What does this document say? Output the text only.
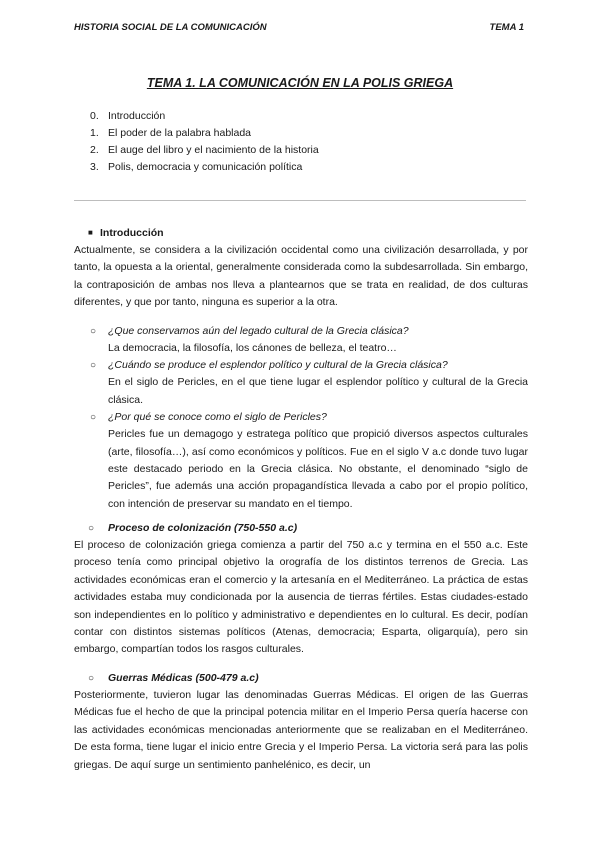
HISTORIA SOCIAL DE LA COMUNICACIÓN	TEMA 1
TEMA 1. LA COMUNICACIÓN EN LA POLIS GRIEGA
0. Introducción
1. El poder de la palabra hablada
2. El auge del libro y el nacimiento de la historia
3. Polis, democracia y comunicación política
■ Introducción

Actualmente, se considera a la civilización occidental como una civilización desarrollada, y por tanto, la opuesta a la oriental, generalmente considerada como la subdesarrollada. Sin embargo, la contraposición de ambas nos lleva a plantearnos que se trata en realidad, de dos culturas diferentes, y que por tanto, ninguna es superior a la otra.

○ ¿Que conservamos aún del legado cultural de la Grecia clásica?
La democracia, la filosofía, los cánones de belleza, el teatro…
○ ¿Cuándo se produce el esplendor político y cultural de la Grecia clásica?
En el siglo de Pericles, en el que tiene lugar el esplendor político y cultural de la Grecia clásica.
○ ¿Por qué se conoce como el siglo de Pericles?
Pericles fue un demagogo y estratega político que propició diversos aspectos culturales (arte, filosofía…), así como económicos y políticos. Fue en el siglo V a.c donde tuvo lugar este destacado periodo en la Grecia clásica. No obstante, el denominado “siglo de Pericles”, fue además una acción propagandística llevada a cabo por el propio político, con intención de preservar su mandato en el tiempo.
○ Proceso de colonización (750-550 a.c)

El proceso de colonización griega comienza a partir del 750 a.c y termina en el 550 a.c. Este proceso tenía como principal objetivo la orografía de los distintos terrenos de Grecia. Las actividades económicas eran el comercio y la artesanía en el Mediterráneo. La práctica de estas actividades estaba muy condicionada por la ausencia de tierras fértiles. Estas ciudades-estado son independientes en lo político y administrativo e dependientes en lo cultural. Es decir, podían contar con distintos sistemas políticos (Atenas, democracia; Esparta, oligarquía), pero sin embargo, compartían todos los rasgos culturales.

○ Guerras Médicas (500-479 a.c)

Posteriormente, tuvieron lugar las denominadas Guerras Médicas. El origen de las Guerras Médicas fue el hecho de que la principal potencia militar en el Imperio Persa quería hacerse con las actividades económicas mencionadas anteriormente que se realizaban en el Mediterráneo. De esta forma, tiene lugar el inicio entre Grecia y el Imperio Persa. La victoria será para las polis griegas. De aquí surge un sentimiento panhelénico, es decir, un
